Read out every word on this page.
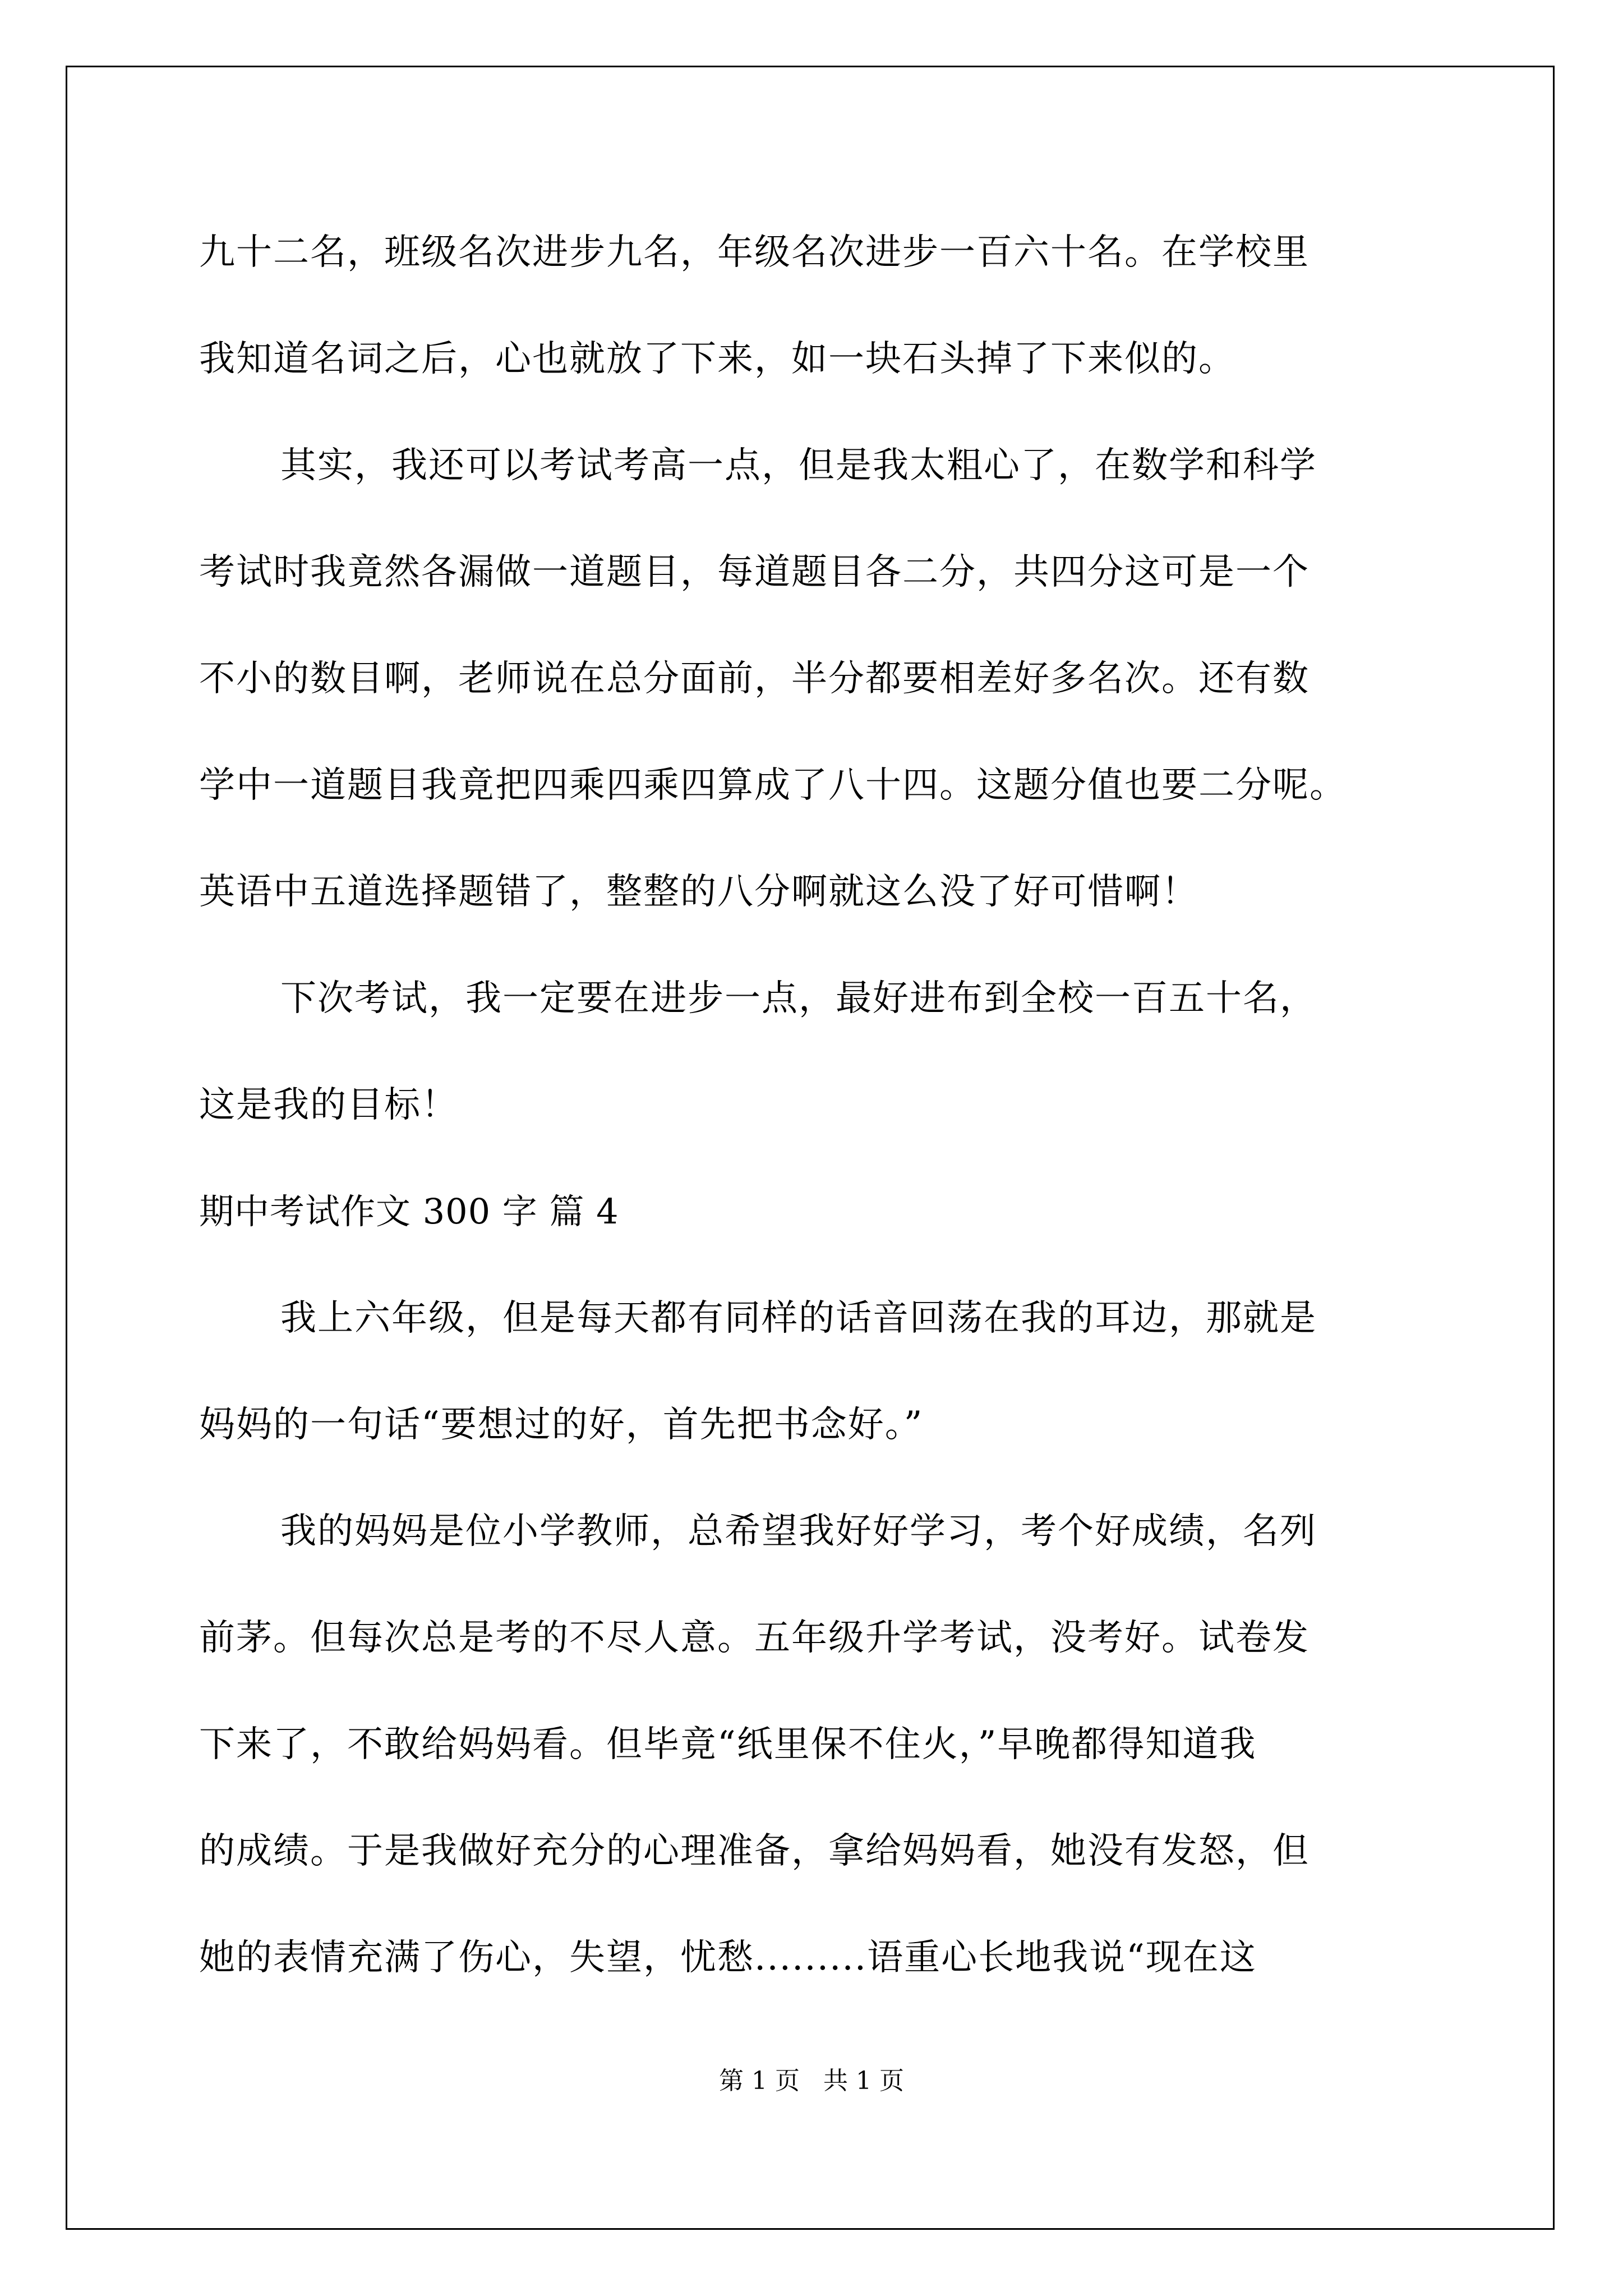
九十二名，班级名次进步九名，年级名次进步一百六十名。在学校里
我知道名词之后，心也就放了下来，如一块石头掉了下来似的。
其实，我还可以考试考高一点，但是我太粗心了，在数学和科学
考试时我竟然各漏做一道题目，每道题目各二分，共四分这可是一个
不小的数目啊，老师说在总分面前，半分都要相差好多名次。还有数
学中一道题目我竟把四乘四乘四算成了八十四。这题分值也要二分呢。
英语中五道选择题错了，整整的八分啊就这么没了好可惜啊！
下次考试，我一定要在进步一点，最好进布到全校一百五十名，
这是我的目标！
期中考试作文 300 字 篇 4
我上六年级，但是每天都有同样的话音回荡在我的耳边，那就是
妈妈的一句话“要想过的好，首先把书念好。”
我的妈妈是位小学教师，总希望我好好学习，考个好成绩，名列
前茅。但每次总是考的不尽人意。五年级升学考试，没考好。试卷发
下来了，不敢给妈妈看。但毕竟“纸里保不住火，”早晚都得知道我
的成绩。于是我做好充分的心理准备，拿给妈妈看，她没有发怒，但
她的表情充满了伤心，失望，忧愁.........语重心长地我说“现在这
第 1 页   共 1 页
